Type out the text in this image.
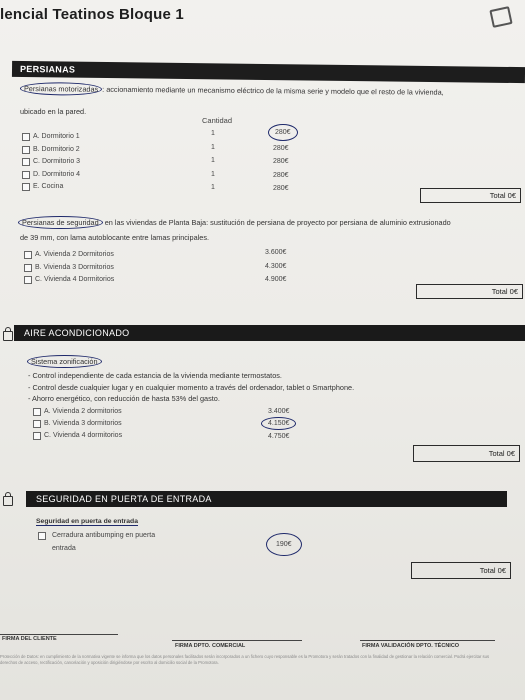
lencial Teatinos Bloque 1
PERSIANAS
Persianas motorizadas : accionamiento mediante un mecanismo eléctrico de la misma serie y modelo que el resto de la vivienda,
ubicado en la pared.
Cantidad
A. Dormitorio 1	1	280€
B. Dormitorio 2	1	280€
C. Dormitorio 3	1	280€
D. Dormitorio 4	1	280€
E. Cocina	1	280€
Total 0€
Persianas de seguridad en las viviendas de Planta Baja: sustitución de persiana de proyecto por persiana de aluminio extrusionado
de 39 mm, con lama autoblocante entre lamas principales.
A. Vivienda 2 Dormitorios	3.600€
B. Vivienda 3 Dormitorios	4.300€
C. Vivienda 4 Dormitorios	4.900€
Total 0€
AIRE ACONDICIONADO
Sistema zonificación
- Control independiente de cada estancia de la vivienda mediante termostatos.
- Control desde cualquier lugar y en cualquier momento a través del ordenador, tablet o Smartphone.
- Ahorro energético, con reducción de hasta 53% del gasto.
A. Vivienda 2 dormitorios	3.400€
B. Vivienda 3 dormitorios	4.150€
C. Vivienda 4 dormitorios	4.750€
Total 0€
SEGURIDAD EN PUERTA DE ENTRADA
Seguridad en puerta de entrada
Cerradura antibumping en puerta
entrada
190€
Total 0€
FIRMA DEL CLIENTE
FIRMA DPTO. COMERCIAL	FIRMA VALIDACIÓN DPTO. TÉCNICO
Protección de Datos: en cumplimiento de la normativa vigente se informa que los datos personales facilitados serán incorporados a un fichero cuyo responsable es la Promotora y serán tratados con la finalidad de gestionar la relación comercial. Podrá ejercitar sus derechos de acceso, rectificación, cancelación y oposición dirigiéndose por escrito al domicilio social de la Promotora.
